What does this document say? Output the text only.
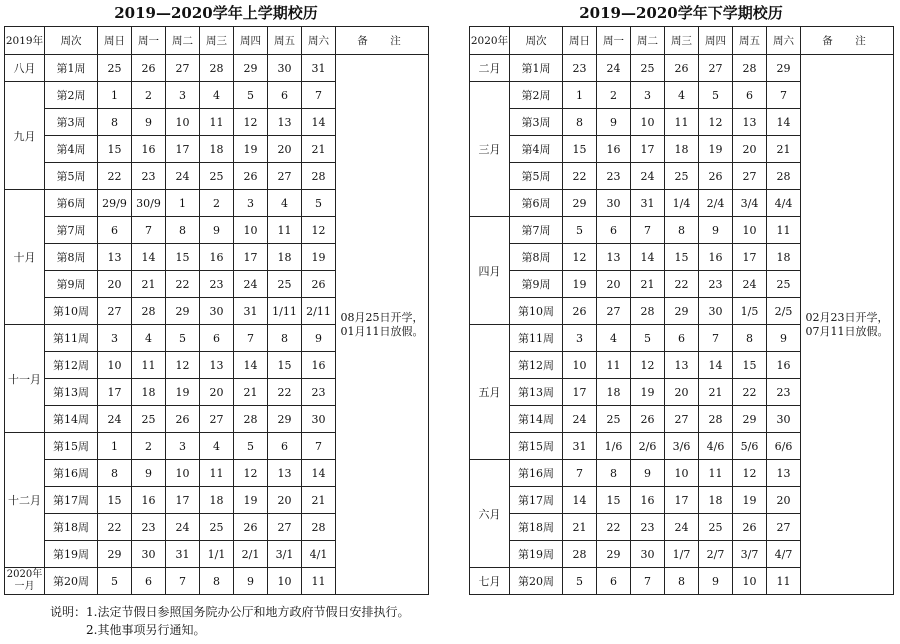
2019—2020学年上学期校历
2019年	周次	周日	周一	周二	周三	周四	周五	周六	备　注
八月	第1周	25	26	27	28	29	30	31	08月25日开学，
01月11日放假。

九月	第2周	1	2	3	4	5	6	7	
	第3周	8	9	10	11	12	13	14	
	第4周	15	16	17	18	19	20	21	
	第5周	22	23	24	25	26	27	28	
十月	第6周	29/9	30/9	1	2	3	4	5	
	第7周	6	7	8	9	10	11	12	
	第8周	13	14	15	16	17	18	19	
	第9周	20	21	22	23	24	25	26	
	第10周	27	28	29	30	31	1/11	2/11	
十一月	第11周	3	4	5	6	7	8	9	
	第12周	10	11	12	13	14	15	16	
	第13周	17	18	19	20	21	22	23	
	第14周	24	25	26	27	28	29	30	
十二月	第15周	1	2	3	4	5	6	7	
	第16周	8	9	10	11	12	13	14	
	第17周	15	16	17	18	19	20	21	
	第18周	22	23	24	25	26	27	28	
	第19周	29	30	31	1/1	2/1	3/1	4/1	
2020年 一月	第20周	5	6	7	8	9	10	11	
2019—2020学年下学期校历
2020年	周次	周日	周一	周二	周三	周四	周五	周六	备　注
二月	第1周	23	24	25	26	27	28	29	02月23日开学，
07月11日放假。

三月	第2周	1	2	3	4	5	6	7	
	第3周	8	9	10	11	12	13	14	
	第4周	15	16	17	18	19	20	21	
	第5周	22	23	24	25	26	27	28	
	第6周	29	30	31	1/4	2/4	3/4	4/4	
四月	第7周	5	6	7	8	9	10	11	
	第8周	12	13	14	15	16	17	18	
	第9周	19	20	21	22	23	24	25	
	第10周	26	27	28	29	30	1/5	2/5	
五月	第11周	3	4	5	6	7	8	9	
	第12周	10	11	12	13	14	15	16	
	第13周	17	18	19	20	21	22	23	
	第14周	24	25	26	27	28	29	30	
	第15周	31	1/6	2/6	3/6	4/6	5/6	6/6	
六月	第16周	7	8	9	10	11	12	13	
	第17周	14	15	16	17	18	19	20	
	第18周	21	22	23	24	25	26	27	
	第19周	28	29	30	1/7	2/7	3/7	4/7	
七月	第20周	5	6	7	8	9	10	11	
说明：1.法定节假日参照国务院办公厅和地方政府节假日安排执行。
2.其他事项另行通知。
